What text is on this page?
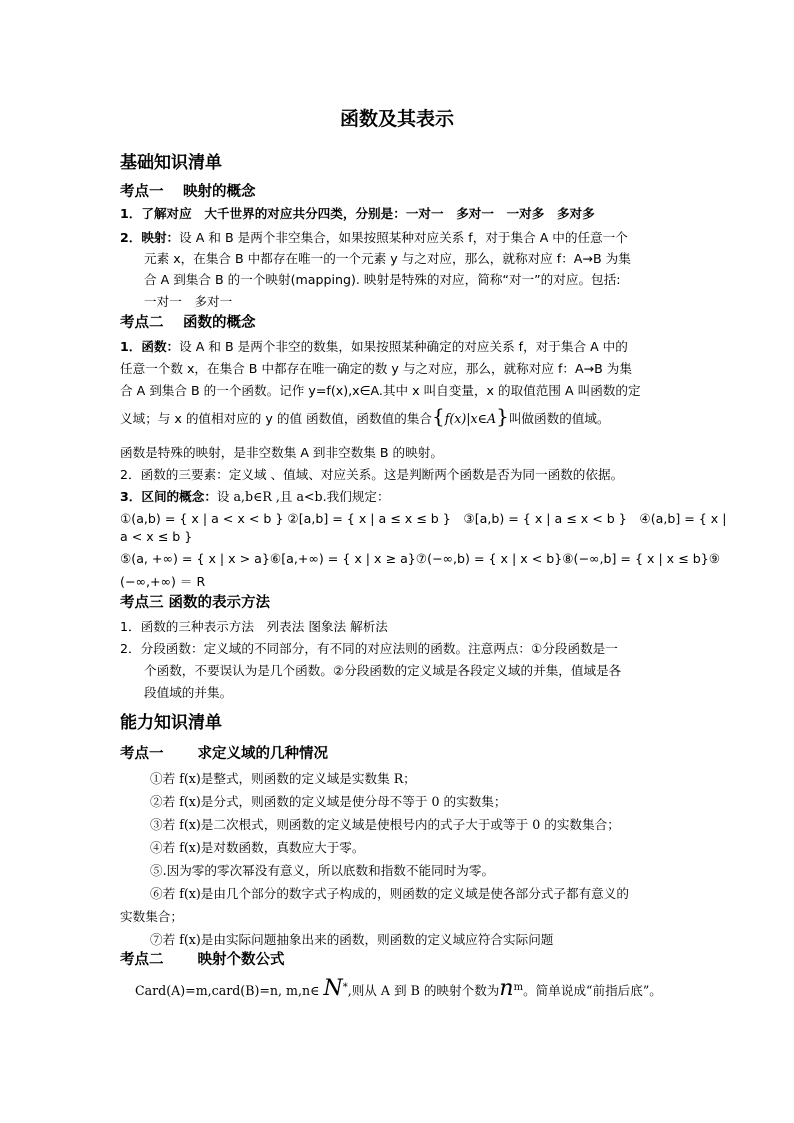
函数及其表示
基础知识清单
考点一　 映射的概念
1．了解对应　大千世界的对应共分四类，分别是：一对一　多对一　一对多　多对多
2．映射：设 A 和 B 是两个非空集合，如果按照某种对应关系 f，对于集合 A 中的任意一个
元素 x，在集合 B 中都存在唯一的一个元素 y 与之对应，那么，就称对应 f：A→B 为集
合 A 到集合 B 的一个映射(mapping). 映射是特殊的对应，简称“对一”的对应。包括:
一对一　多对一
考点二　 函数的概念
1．函数：设 A 和 B 是两个非空的数集，如果按照某种确定的对应关系 f，对于集合 A 中的
任意一个数 x，在集合 B 中都存在唯一确定的数 y 与之对应，那么，就称对应 f：A→B 为集
合 A 到集合 B 的一个函数。记作 y=f(x),x∈A.其中 x 叫自变量，x 的取值范围 A 叫函数的定
义域；与 x 的值相对应的 y 的值 函数值，函数值的集合{f(x)|x∈A}叫做函数的值域。
函数是特殊的映射，是非空数集 A 到非空数集 B 的映射。
2．函数的三要素：定义域 、值域、对应关系。这是判断两个函数是否为同一函数的依据。
3．区间的概念：设 a,b∈R ,且 a<b.我们规定：
①(a,b) = { x | a < x < b } ②[a,b] = { x | a ≤ x ≤ b }　③[a,b) = { x | a ≤ x < b }　④(a,b] = { x |
a < x ≤ b }
⑤(a, +∞) = { x | x > a}⑥[a,+∞) = { x | x ≥ a}⑦(−∞,b) = { x | x < b}⑧(−∞,b] = { x | x ≤ b}⑨
(−∞,+∞) ＝ R
考点三 函数的表示方法
1．函数的三种表示方法　列表法 图象法 解析法
2．分段函数：定义域的不同部分，有不同的对应法则的函数。注意两点：①分段函数是一
个函数，不要误认为是几个函数。②分段函数的定义域是各段定义域的并集，值域是各
段值域的并集。
能力知识清单
考点一　 　求定义域的几种情况
①若 f(x)是整式，则函数的定义域是实数集 R；
②若 f(x)是分式，则函数的定义域是使分母不等于 0 的实数集；
③若 f(x)是二次根式，则函数的定义域是使根号内的式子大于或等于 0 的实数集合；
④若 f(x)是对数函数，真数应大于零。
⑤.因为零的零次幂没有意义，所以底数和指数不能同时为零。
⑥若 f(x)是由几个部分的数字式子构成的，则函数的定义域是使各部分式子都有意义的
实数集合；
⑦若 f(x)是由实际问题抽象出来的函数，则函数的定义域应符合实际问题
考点二　 　映射个数公式
Card(A)=m,card(B)=n, m,n∈ N*,则从 A 到 B 的映射个数为$n^m$。简单说成“前指后底”。
